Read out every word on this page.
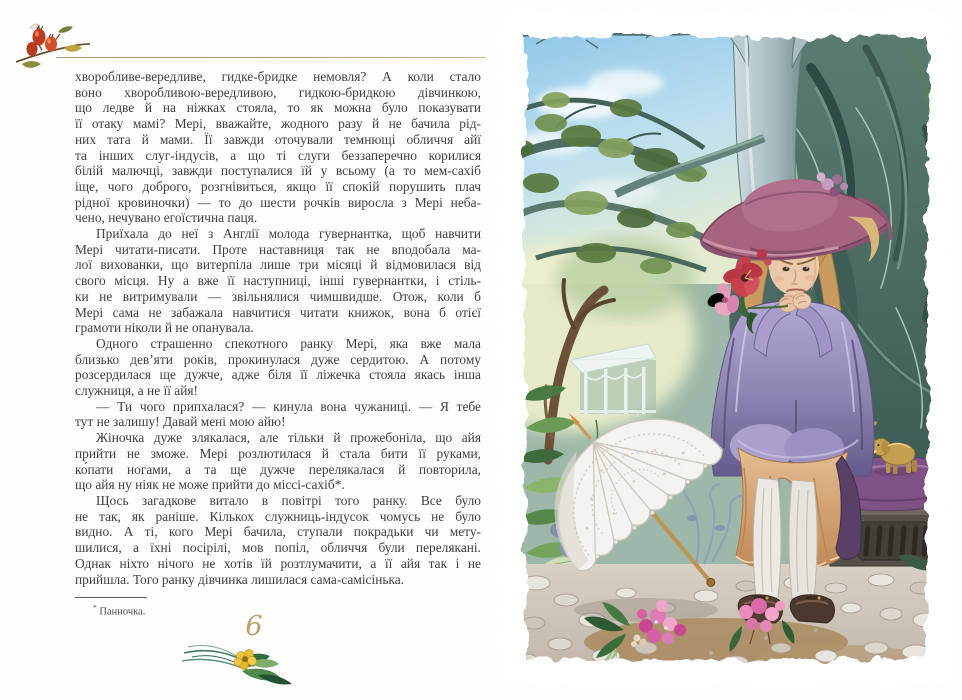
хворобливе-вередливе, гидке-бридке немовля? А коли стало
воно хворобливою-вередливою, гидкою-бридкою дівчинкою,
що ледве й на ніжках стояла, то як можна було показувати
її отаку мамі? Мері, вважайте, жодного разу й не бачила рід-
них тата й мами. Її завжди оточували темнющі обличчя айї
та інших слуг-індусів, а що ті слуги беззаперечно корилися
білій малючці, завжди поступалися їй у всьому (а то мем-сахіб
іще, чого доброго, розгнівиться, якщо її спокій порушить плач
рідної кровиночки) — то до шести рочків виросла з Мері неба-
чено, нечувано егоїстична паця.
Приїхала до неї з Англії молода гувернантка, щоб навчити
Мері читати-писати. Проте наставниця так не вподобала ма-
лої вихованки, що витерпіла лише три місяці й відмовилася від
свого місця. Ну а вже її наступниці, інші гувернантки, і стіль-
ки не витримували — звільнялися чимшвидше. Отож, коли б
Мері сама не забажала навчитися читати книжок, вона б отієї
грамоти ніколи й не опанувала.
Одного страшенно спекотного ранку Мері, яка вже мала
близько дев’яти років, прокинулася дуже сердитою. А потому
розсердилася ще дужче, адже біля її ліжечка стояла якась інша
служниця, а не її айя!
— Ти чого припхалася? — кинула вона чужаниці. — Я тебе
тут не залишу! Давай мені мою айю!
Жіночка дуже злякалася, але тільки й прожебоніла, що айя
прийти не зможе. Мері розлютилася й стала бити її руками,
ко́пати ногами, а та ще дужче перелякалася й повторила,
що айя ну ніяк не може прийти до міссі-сахіб*.
Щось загадкове витало в повітрі того ранку. Все було
не так, як раніше. Кількох служниць-індусок чомусь не було
видно. А ті, кого Мері бачила, ступали покрадьки чи мету-
шилися, а їхні посірілі, мов попіл, обличчя були перелякані.
Однак ніхто нічого не хотів їй розтлумачити, а її айя так і не
прийшла. Того ранку дівчинка лишилася сама-самісінька.
* Панночка.	6
